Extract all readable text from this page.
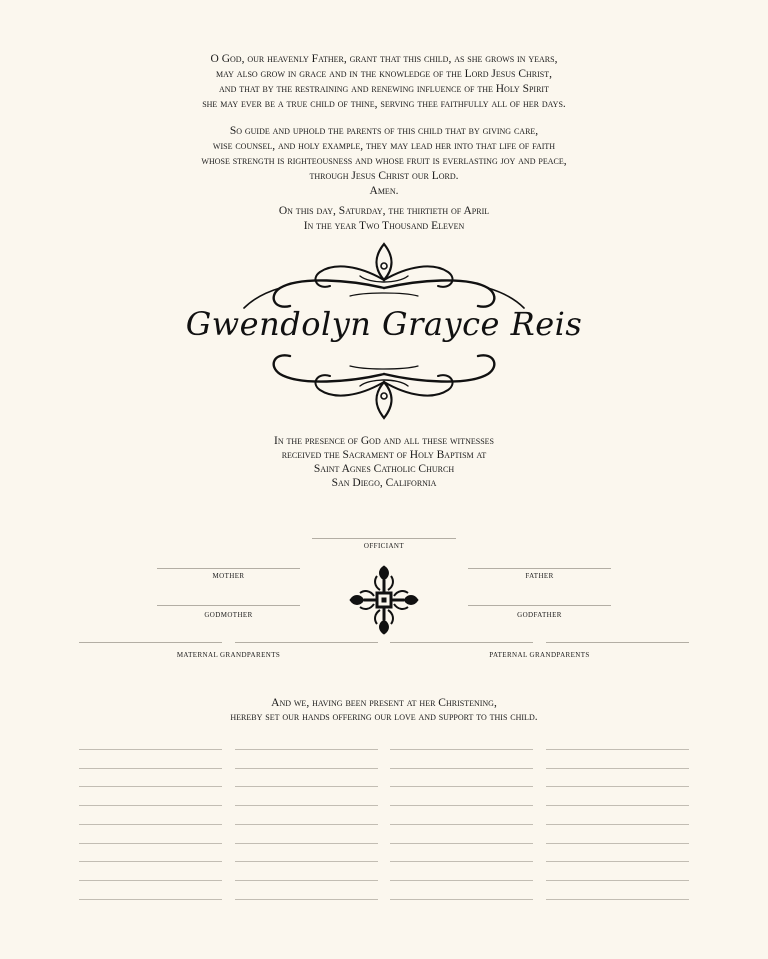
O God, our heavenly Father, grant that this child, as she grows in years,
may also grow in grace and in the knowledge of the Lord Jesus Christ,
and that by the restraining and renewing influence of the Holy Spirit
she may ever be a true child of thine, serving thee faithfully all of her days.

So guide and uphold the parents of this child that by giving care,
wise counsel, and holy example, they may lead her into that life of faith
whose strength is righteousness and whose fruit is everlasting joy and peace,
through Jesus Christ our Lord.
Amen.

On this day, Saturday, the thirtieth of April
In the year Two Thousand Eleven
Gwendolyn Grayce Reis
In the presence of God and all these witnesses
received the Sacrament of Holy Baptism at
Saint Agnes Catholic Church
San Diego, California
OFFICIANT
MOTHER	FATHER
GODMOTHER	GODFATHER
MATERNAL GRANDPARENTS	PATERNAL GRANDPARENTS
And we, having been present at her Christening,
hereby set our hands offering our love and support to this child.
